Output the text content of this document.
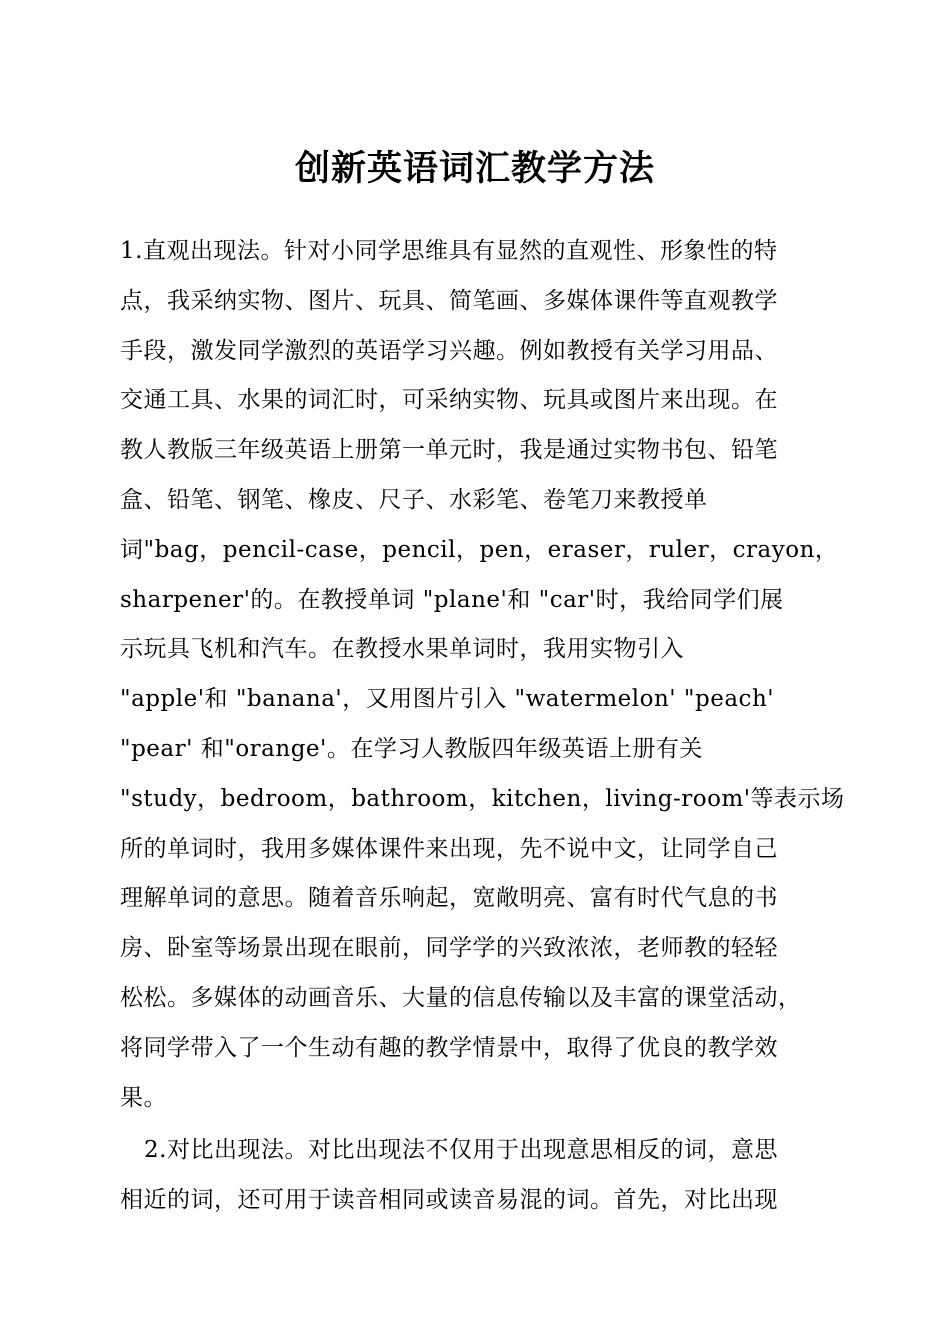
创新英语词汇教学方法
1.直观出现法。针对小同学思维具有显然的直观性、形象性的特
点，我采纳实物、图片、玩具、简笔画、多媒体课件等直观教学
手段，激发同学激烈的英语学习兴趣。例如教授有关学习用品、
交通工具、水果的词汇时，可采纳实物、玩具或图片来出现。在
教人教版三年级英语上册第一单元时，我是通过实物书包、铅笔
盒、铅笔、钢笔、橡皮、尺子、水彩笔、卷笔刀来教授单
词"bag，pencil-case，pencil，pen，eraser，ruler，crayon，
sharpener'的。在教授单词 "plane'和 "car'时，我给同学们展
示玩具飞机和汽车。在教授水果单词时，我用实物引入
"apple'和 "banana'，又用图片引入 "watermelon' "peach'
"pear' 和"orange'。在学习人教版四年级英语上册有关
"study，bedroom，bathroom，kitchen，living-room'等表示场
所的单词时，我用多媒体课件来出现，先不说中文，让同学自己
理解单词的意思。随着音乐响起，宽敞明亮、富有时代气息的书
房、卧室等场景出现在眼前，同学学的兴致浓浓，老师教的轻轻
松松。多媒体的动画音乐、大量的信息传输以及丰富的课堂活动，
将同学带入了一个生动有趣的教学情景中，取得了优良的教学效
果。
2.对比出现法。对比出现法不仅用于出现意思相反的词，意思
相近的词，还可用于读音相同或读音易混的词。首先，对比出现
